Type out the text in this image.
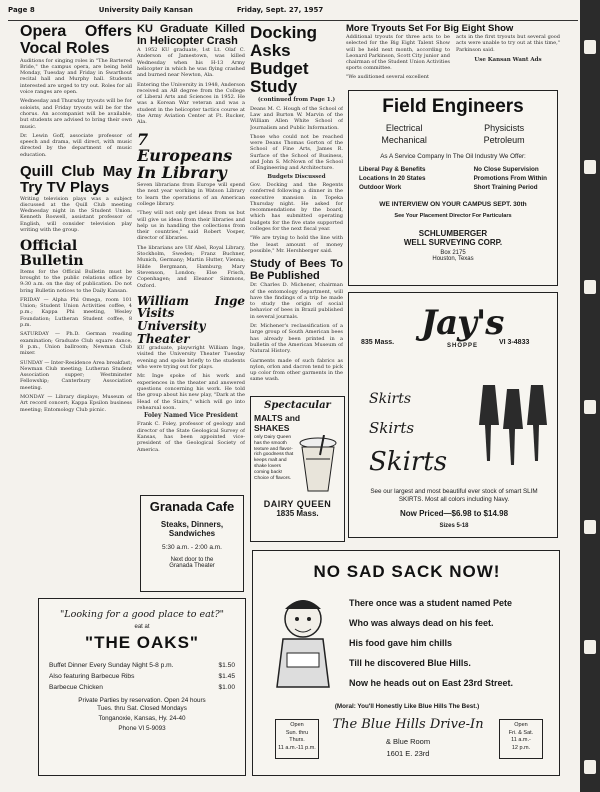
Page 8	University Daily Kansan	Friday, Sept. 27, 1957
Opera Offers Vocal Roles

Auditions for singing roles in "The Bartered Bride," the campus opera, are being held Monday, Tuesday and Friday in Swarthout recital hall and Murphy hall. Students interested are urged to try out. Roles for all voice ranges are open.

Wednesday and Thursday tryouts will be for soloists, and Friday tryouts will be for the chorus. An accompanist will be available, but students are advised to bring their own music.

Dr. Lewin Goff, associate professor of speech and drama, will direct, with music directed by the department of music education.

Quill Club May Try TV Plays

Writing television plays was a subject discussed at the Quill Club meeting Wednesday night in the Student Union. Kenneth Roswell, assistant professor of English, will consider television play writing with the group.

Official Bulletin

Items for the Official Bulletin must be brought to the public relations office by 9:30 a.m. on the day of publication. Do not bring Bulletin notices to the Daily Kansan.

FRIDAY — Alpha Phi Omega, room 101 Union; Student Union Activities coffee, 4 p.m.; Kappa Phi meeting, Wesley Foundation; Lutheran Student coffee, 8 p.m.

SATURDAY — Ph.D. German reading examination; Graduate Club square dance, 8 p.m., Union ballroom; Newman Club mixer.

SUNDAY — Inter-Residence Area breakfast; Newman Club meeting; Lutheran Student Association supper; Westminster Fellowship; Canterbury Association meeting.

MONDAY — Library displays; Museum of Art record concert; Kappa Epsilon business meeting; Entomology Club picnic.

KU Graduate Killed In Helicopter Crash

A 1952 KU graduate, 1st Lt. Olaf C. Anderson of Jamestown, was killed Wednesday when his H-13 Army helicopter in which he was flying crashed and burned near Newton, Ala.

Entering the University in 1948, Anderson received an AB degree from the College of Liberal Arts and Sciences in 1952. He was a Korean War veteran and was a student in the helicopter tactics course at the Army Aviation Center at Ft. Rucker, Ala.

7 Europeans In Library

Seven librarians from Europe will spend the next year working in Watson Library to learn the operations of an American college library.

"They will not only get ideas from us but will give us ideas from their libraries and help us in handling the collections from their countries," said Robert Vosper, director of libraries.

The librarians are Ulf Abel, Royal Library, Stockholm, Sweden; Franz Buchner, Munich, Germany; Martin Hutter, Vienna; Hilde Bergmann, Hamburg; Mary Stevenson, London; Else Frisch, Copenhagen; and Eleanor Simmons, Oxford.

William Inge Visits University Theater

KU graduate, playwright William Inge, visited the University Theater Tuesday evening and spoke briefly to the students who were trying out for plays.

Mr. Inge spoke of his work and experiences in the theater and answered questions concerning his work. He told the group about his new play, "Dark at the Head of the Stairs," which will go into rehearsal soon.

Foley Named Vice President

Frank C. Foley, professor of geology and director of the State Geological Survey of Kansas, has been appointed vice-president of the Geological Society of America.

Docking Asks Budget Study
(continued from Page 1.)

Deans M. C. Hough of the School of Law and Burton W. Marvin of the William Allen White School of Journalism and Public Information.

Those who could not be reached were Deans Thomas Gorton of the School of Fine Arts, James R. Surface of the School of Business, and John S. McNown of the School of Engineering and Architecture.

Budgets Discussed

Gov. Docking and the Regents conferred following a dinner in the executive mansion in Topeka Thursday night. He asked for recommendations by the board, which has submitted operating budgets for the five state supported colleges for the next fiscal year.

"We are trying to hold the line with the least amount of money possible," Mr. Hershberger said.

Study of Bees To Be Published

Dr. Charles D. Michener, chairman of the entomology department, will have the findings of a trip he made to study the origin of social behavior of bees in Brazil published in several journals.

Dr. Michener's reclassification of a large group of South American bees has already been printed in a bulletin of the American Museum of Natural History.

Garments made of such fabrics as nylon, orlon and dacron tend to pick up color from other garments in the same wash.

More Tryouts Set For Big Eight Show

Additional tryouts for three acts to be selected for the Big Eight Talent Show will be held next month, according to Leonard Parkinson, Scott City junior and chairman of the Student Union Activities sports committee.

"We auditioned several excellent

acts in the first tryouts but several good acts were unable to try out at this time," Parkinson said.

Use Kansan Want Ads

Field Engineers
Electrical
Mechanical
Physicists
Petroleum
As A Service Company In The Oil Industry We Offer:
Liberal Pay & Benefits
Locations In 20 States
Outdoor Work
No Close Supervision
Promotions From Within
Short Training Period
WE INTERVIEW ON YOUR CAMPUS SEPT. 30th
See Your Placement Director For Particulars
SCHLUMBERGER
WELL SURVEYING CORP.
Box 2175
Houston, Texas
835 Mass. Jay's
SHOPPE	VI 3-4833
Skirts
Skirts
Skirts
See our largest and most beautiful ever stock of smart SLIM SKIRTS. Most all colors including Navy.
Now Priced—$6.98 to $14.98
Sizes 5-18
Spectacular
MALTS and
SHAKES
only Dairy Queen has the smooth texture and flavor-rich goodness that keeps malt and shake lovers coming back! Choice of flavors.
DAIRY QUEEN
1835 Mass.
Granada Cafe
Steaks, Dinners,
Sandwiches
5:30 a.m. - 2:00 a.m.
Next door to the
Granada Theater
"Looking for a good place to eat?"
eat at
"THE OAKS"
Buffet Dinner Every Sunday Night 5-8 p.m.	$1.50
Also featuring Barbecue Ribs	$1.45
Barbecue Chicken	$1.00
Private Parties by reservation. Open 24 hours
Tues. thru Sat. Closed Mondays
Tonganoxie, Kansas, Hy. 24-40
Phone VI 5-9093
NO SAD SACK NOW!
There once was a student named Pete
Who was always dead on his feet.
His food gave him chills
Till he discovered Blue Hills.
Now he heads out on East 23rd Street.
(Moral: You'll Honestly Like Blue Hills The Best.)
Open
Sun. thru
Thurs.
11 a.m.-11 p.m.
The Blue Hills Drive-In
& Blue Room
1601 E. 23rd
Open
Fri. & Sat.
11 a.m.-
12 p.m.
